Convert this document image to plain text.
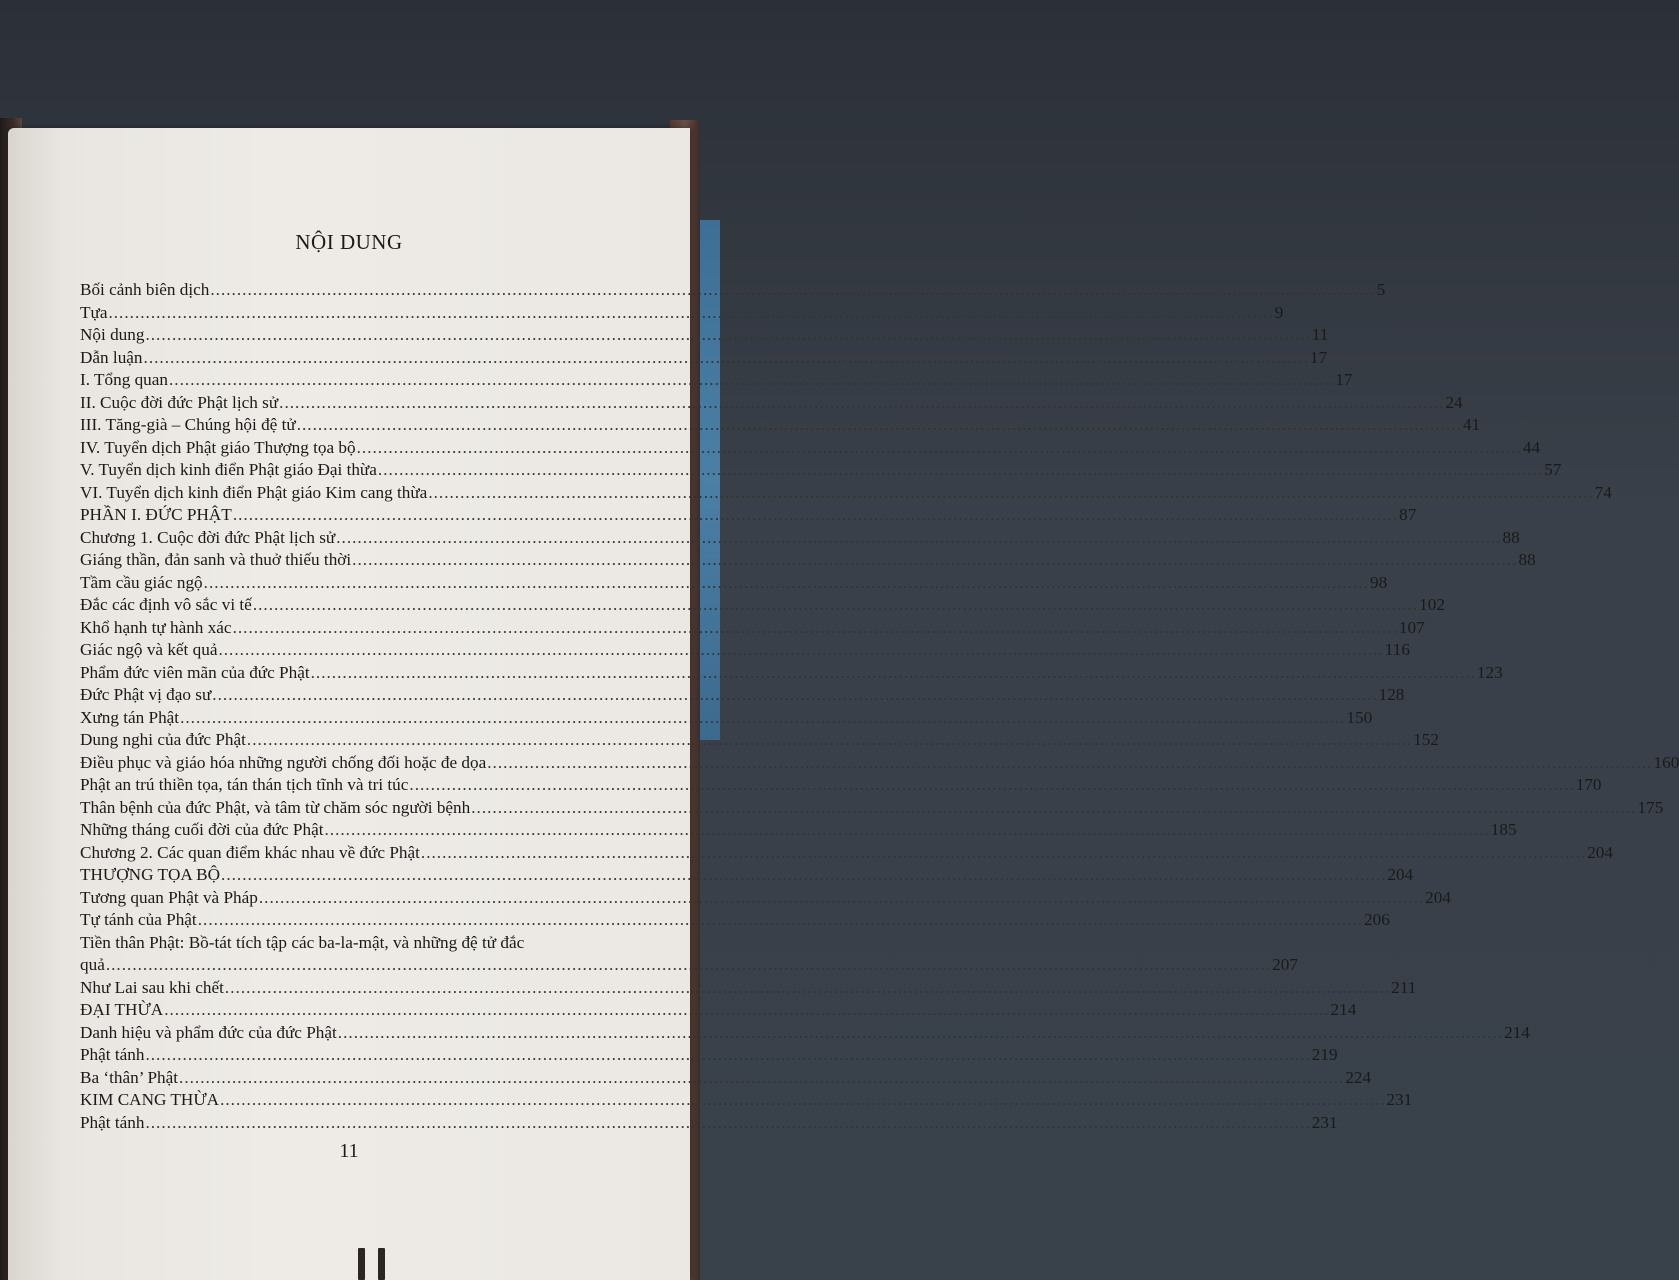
NỘI DUNG
Bối cảnh biên dịch ............................................................................................................................................................................................................................ 5
Tựa ............................................................................................................................................................................................................................ 9
Nội dung ............................................................................................................................................................................................................................ 11
Dẫn luận ............................................................................................................................................................................................................................ 17
I. Tổng quan ............................................................................................................................................................................................................................ 17
II. Cuộc đời đức Phật lịch sử ............................................................................................................................................................................................................................ 24
III. Tăng-già – Chúng hội đệ tử ............................................................................................................................................................................................................................ 41
IV. Tuyển dịch Phật giáo Thượng tọa bộ ............................................................................................................................................................................................................................ 44
V. Tuyển dịch kinh điển Phật giáo Đại thừa ............................................................................................................................................................................................................................ 57
VI. Tuyển dịch kinh điển Phật giáo Kim cang thừa ............................................................................................................................................................................................................................ 74
PHẦN I. ĐỨC PHẬT ............................................................................................................................................................................................................................ 87
Chương 1. Cuộc đời đức Phật lịch sử ............................................................................................................................................................................................................................ 88
Giáng thần, đản sanh và thuở thiếu thời ............................................................................................................................................................................................................................ 88
Tầm cầu giác ngộ ............................................................................................................................................................................................................................ 98
Đắc các định vô sắc vi tế ............................................................................................................................................................................................................................ 102
Khổ hạnh tự hành xác ............................................................................................................................................................................................................................ 107
Giác ngộ và kết quả ............................................................................................................................................................................................................................ 116
Phẩm đức viên mãn của đức Phật ............................................................................................................................................................................................................................ 123
Đức Phật vị đạo sư ............................................................................................................................................................................................................................ 128
Xưng tán Phật ............................................................................................................................................................................................................................ 150
Dung nghi của đức Phật ............................................................................................................................................................................................................................ 152
Điều phục và giáo hóa những người chống đối hoặc đe dọa ............................................................................................................................................................................................................................ 160
Phật an trú thiền tọa, tán thán tịch tĩnh và tri túc ............................................................................................................................................................................................................................ 170
Thân bệnh của đức Phật, và tâm từ chăm sóc người bệnh ............................................................................................................................................................................................................................ 175
Những tháng cuối đời của đức Phật ............................................................................................................................................................................................................................ 185
Chương 2. Các quan điểm khác nhau về đức Phật ............................................................................................................................................................................................................................ 204
THƯỢNG TỌA BỘ ............................................................................................................................................................................................................................ 204
Tương quan Phật và Pháp ............................................................................................................................................................................................................................ 204
Tự tánh của Phật ............................................................................................................................................................................................................................ 206
Tiền thân Phật: Bồ-tát tích tập các ba-la-mật, và những đệ tử đắc
quả ............................................................................................................................................................................................................................ 207
Như Lai sau khi chết ............................................................................................................................................................................................................................ 211
ĐẠI THỪA ............................................................................................................................................................................................................................ 214
Danh hiệu và phẩm đức của đức Phật ............................................................................................................................................................................................................................ 214
Phật tánh ............................................................................................................................................................................................................................ 219
Ba ‘thân’ Phật ............................................................................................................................................................................................................................ 224
KIM CANG THỪA ............................................................................................................................................................................................................................ 231
Phật tánh ............................................................................................................................................................................................................................ 231
11
